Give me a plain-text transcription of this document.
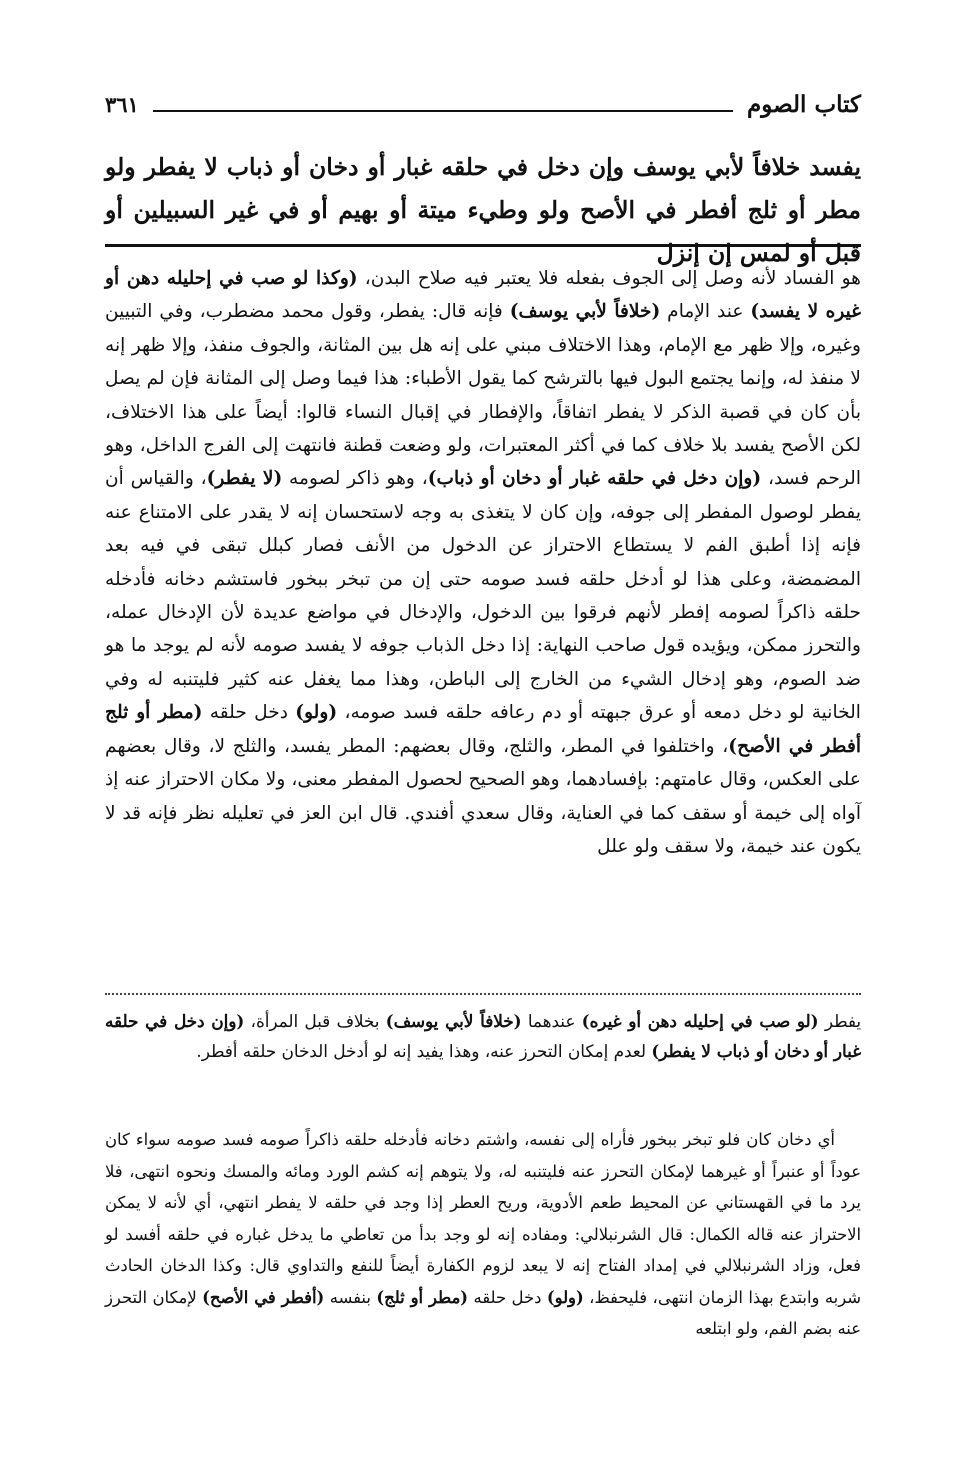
كتاب الصوم
٣٦١

يفسد خلافاً لأبي يوسف وإن دخل في حلقه غبار أو دخان أو ذباب لا يفطر ولو مطر أو ثلج أفطر في الأصح ولو وطيء ميتة أو بهيم أو في غير السبيلين أو قبل أو لمس إن إنزل

هو الفساد لأنه وصل إلى الجوف بفعله فلا يعتبر فيه صلاح البدن، (وكذا لو صب في إحليله دهن أو غيره لا يفسد) عند الإمام (خلافاً لأبي يوسف) فإنه قال: يفطر، وقول محمد مضطرب، وفي التبيين وغيره، وإلا ظهر مع الإمام، وهذا الاختلاف مبني على إنه هل بين المثانة، والجوف منفذ، وإلا ظهر إنه لا منفذ له، وإنما يجتمع البول فيها بالترشح كما يقول الأطباء: هذا فيما وصل إلى المثانة فإن لم يصل بأن كان في قصبة الذكر لا يفطر اتفاقاً، والإفطار في إقبال النساء قالوا: أيضاً على هذا الاختلاف، لكن الأصح يفسد بلا خلاف كما في أكثر المعتبرات، ولو وضعت قطنة فانتهت إلى الفرج الداخل، وهو الرحم فسد، (وإن دخل في حلقه غبار أو دخان أو ذباب)، وهو ذاكر لصومه (لا يفطر)، والقياس أن يفطر لوصول المفطر إلى جوفه، وإن كان لا يتغذى به وجه لاستحسان إنه لا يقدر على الامتناع عنه فإنه إذا أطبق الفم لا يستطاع الاحتراز عن الدخول من الأنف فصار كبلل تبقى في فيه بعد المضمضة، وعلى هذا لو أدخل حلقه فسد صومه حتى إن من تبخر ببخور فاستشم دخانه فأدخله حلقه ذاكراً لصومه إفطر لأنهم فرقوا بين الدخول، والإدخال في مواضع عديدة لأن الإدخال عمله، والتحرز ممكن، ويؤيده قول صاحب النهاية: إذا دخل الذباب جوفه لا يفسد صومه لأنه لم يوجد ما هو ضد الصوم، وهو إدخال الشيء من الخارج إلى الباطن، وهذا مما يغفل عنه كثير فليتنبه له وفي الخانية لو دخل دمعه أو عرق جبهته أو دم رعافه حلقه فسد صومه، (ولو) دخل حلقه (مطر أو ثلج أفطر في الأصح)، واختلفوا في المطر، والثلج، وقال بعضهم: المطر يفسد، والثلج لا، وقال بعضهم على العكس، وقال عامتهم: بإفسادهما، وهو الصحيح لحصول المفطر معنى، ولا مكان الاحتراز عنه إذ آواه إلى خيمة أو سقف كما في العناية، وقال سعدي أفندي. قال ابن العز في تعليله نظر فإنه قد لا يكون عند خيمة، ولا سقف ولو علل

يفطر (لو صب في إحليله دهن أو غيره) عندهما (خلافاً لأبي يوسف) بخلاف قبل المرأة، (وإن دخل في حلقه غبار أو دخان أو ذباب لا يفطر) لعدم إمكان التحرز عنه، وهذا يفيد إنه لو أدخل الدخان حلقه أفطر.

أي دخان كان فلو تبخر ببخور فأراه إلى نفسه، واشتم دخانه فأدخله حلقه ذاكراً صومه فسد صومه سواء كان عوداً أو عنبراً أو غيرهما لإمكان التحرز عنه فليتنبه له، ولا يتوهم إنه كشم الورد ومائه والمسك ونحوه انتهى، فلا يرد ما في القهستاني عن المحيط طعم الأدوية، وريح العطر إذا وجد في حلقه لا يفطر انتهي، أي لأنه لا يمكن الاحتراز عنه قاله الكمال: قال الشرنبلالي: ومفاده إنه لو وجد بدأ من تعاطي ما يدخل غباره في حلقه أفسد لو فعل، وزاد الشرنبلالي في إمداد الفتاح إنه لا يبعد لزوم الكفارة أيضاً للنفع والتداوي قال: وكذا الدخان الحادث شربه وابتدع بهذا الزمان انتهى، فليحفظ، (ولو) دخل حلقه (مطر أو ثلج) بنفسه (أفطر في الأصح) لإمكان التحرز عنه بضم الفم، ولو ابتلعه
